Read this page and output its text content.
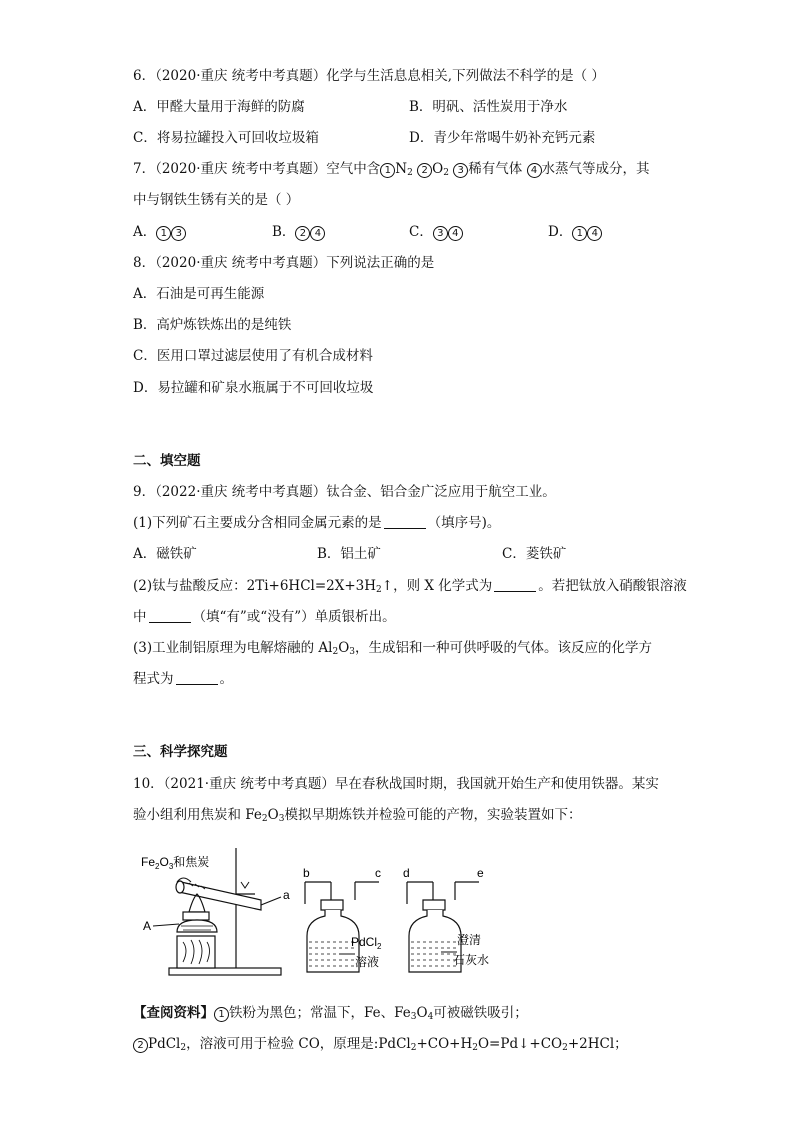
6．（2020·重庆 统考中考真题）化学与生活息息相关,下列做法不科学的是（ ）
A．甲醛大量用于海鲜的防腐	B．明矾、活性炭用于净水
C．将易拉罐投入可回收垃圾箱	D．青少年常喝牛奶补充钙元素
7．（2020·重庆 统考中考真题）空气中含 1 $N_2$ 2 $O_2$ 3 稀有气体 4 水蒸气等成分，其
中与钢铁生锈有关的是（ ）
A． 1 3	B． 2 4	C． 3 4	D． 1 4
8．（2020·重庆 统考中考真题）下列说法正确的是
A．石油是可再生能源
B．高炉炼铁炼出的是纯铁
C．医用口罩过滤层使用了有机合成材料
D．易拉罐和矿泉水瓶属于不可回收垃圾
二、填空题
9．（2022·重庆 统考中考真题）钛合金、铝合金广泛应用于航空工业。
(1)下列矿石主要成分含相同金属元素的是	（填序号)。
A．磁铁矿	B．铝土矿	C．菱铁矿
(2)钛与盐酸反应：$2Ti+6HCl=2X+3H_2↑$，则 X 化学式为	。若把钛放入硝酸银溶液
中	（填“有”或“没有”）单质银析出。
(3)工业制铝原理为电解熔融的 $Al_2O_3$，生成铝和一种可供呼吸的气体。该反应的化学方
程式为	。
三、科学探究题
10．（2021·重庆 统考中考真题）早在春秋战国时期，我国就开始生产和使用铁器。某实
验小组利用焦炭和 $Fe_2O_3$模拟早期炼铁并检验可能的产物，实验装置如下：
$Fe_2O_3$和焦炭
a
A
b	c
PdCl$_2$
溶液
d	e
澄清
石灰水
【查阅资料】 1 铁粉为黑色；常温下，Fe、$Fe_3O_4$可被磁铁吸引；
2 PdCl$_2$，溶液可用于检验 CO，原理是$:PdCl_2+CO+H_2O=Pd↓+CO_2+2HCl$；
